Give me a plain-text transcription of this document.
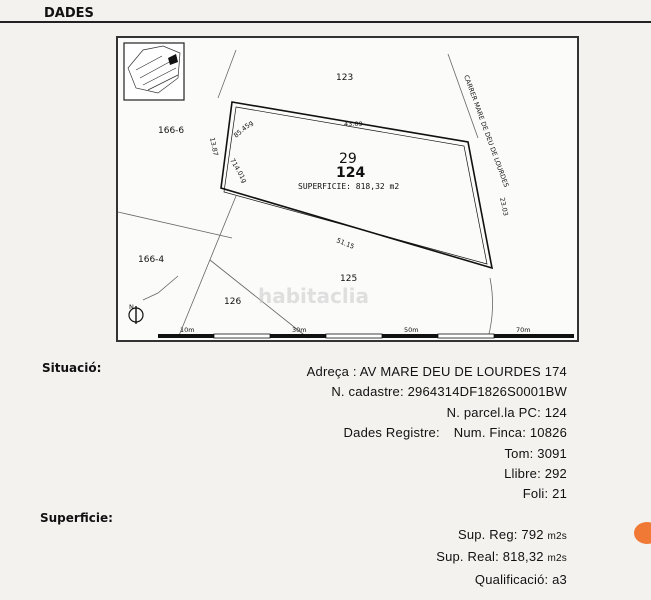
DADES
43.09
51.15
23.03
13.87
85.45g
714.01g	CARRER MARE DE DEU DE LOURDES
123
166-6
166-4
125
126
29
124
SUPERFICIE: 818,32 m2
N
10m	30m	50m	70m
habitaclia
Situació:	Adreça : AV MARE DEU DE LOURDES 174
N. cadastre: 2964314DF1826S0001BW
N. parcel.la PC: 124
Dades Registre: Num. Finca: 10826
Tom: 3091
Llibre: 292
Foli: 21
Superficie:
Sup. Reg: 792 m2s
Sup. Real: 818,32 m2s
Qualificació: a3
